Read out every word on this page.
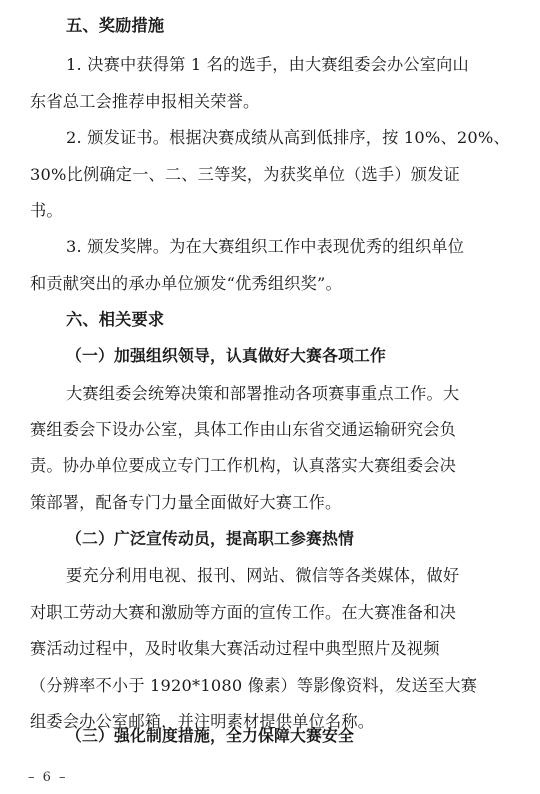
五、奖励措施
1. 决赛中获得第 1 名的选手，由大赛组委会办公室向山
东省总工会推荐申报相关荣誉。
2. 颁发证书。根据决赛成绩从高到低排序，按 10%、20%、
30%比例确定一、二、三等奖，为获奖单位（选手）颁发证
书。
3. 颁发奖牌。为在大赛组织工作中表现优秀的组织单位
和贡献突出的承办单位颁发“优秀组织奖”。
六、相关要求
（一）加强组织领导，认真做好大赛各项工作
大赛组委会统筹决策和部署推动各项赛事重点工作。大
赛组委会下设办公室，具体工作由山东省交通运输研究会负
责。协办单位要成立专门工作机构，认真落实大赛组委会决
策部署，配备专门力量全面做好大赛工作。
（二）广泛宣传动员，提高职工参赛热情
要充分利用电视、报刊、网站、微信等各类媒体，做好
对职工劳动大赛和激励等方面的宣传工作。在大赛准备和决
赛活动过程中，及时收集大赛活动过程中典型照片及视频
（分辨率不小于 1920*1080 像素）等影像资料，发送至大赛
组委会办公室邮箱，并注明素材提供单位名称。
（三）强化制度措施，全力保障大赛安全
– 6 –
